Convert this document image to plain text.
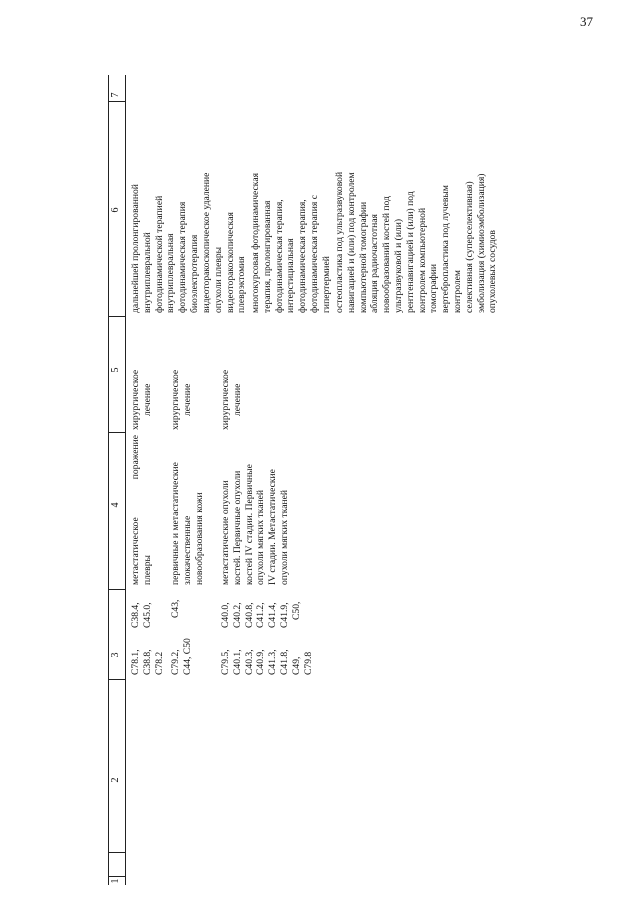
37
1
2
3
4
5
6
7
C78.1, C38.8, C78.2
C38.4, C45.0,
метастатическое
поражение
плевры
хирургическое лечение
C79.2, C44, C50
C43,
первичные и метастатические злокачественные новообразования кожи
хирургическое лечение
C79.5, C40.1, C40.3, C40.9, C41.3, C41.8, C49, C79.8
C40.0, C40.2, C40.8, C41.2, C41.4, C41.9, C50,
метастатические опухоли костей. Первичные опухоли костей IV стадии. Первичные опухоли мягких тканей IV стадии. Метастатические опухоли мягких тканей
хирургическое лечение
дальнейшей пролонгированной внутриплевральной фотодинамической терапией внутриплевральная фотодинамическая терапия биоэлектротерапия видеоторакоскопическое удаление опухоли плевры видеоторакоскопическая плеврэктомия многокурсовая фотодинамическая терапия, пролонгированная фотодинамическая терапия, интерстициальная фотодинамическая терапия, фотодинамическая терапия с гипертермией остеопластика под ультразвуковой навигацией и (или) под контролем компьютерной томографии абляция радиочастотная новообразований костей под ультразвуковой и (или) рентгенавигацией и (или) под контролем компьютерной томографии вертебропластика под лучевым контролем селективная (суперселективная) эмболизация (химиоэмболизация) опухолевых сосудов
